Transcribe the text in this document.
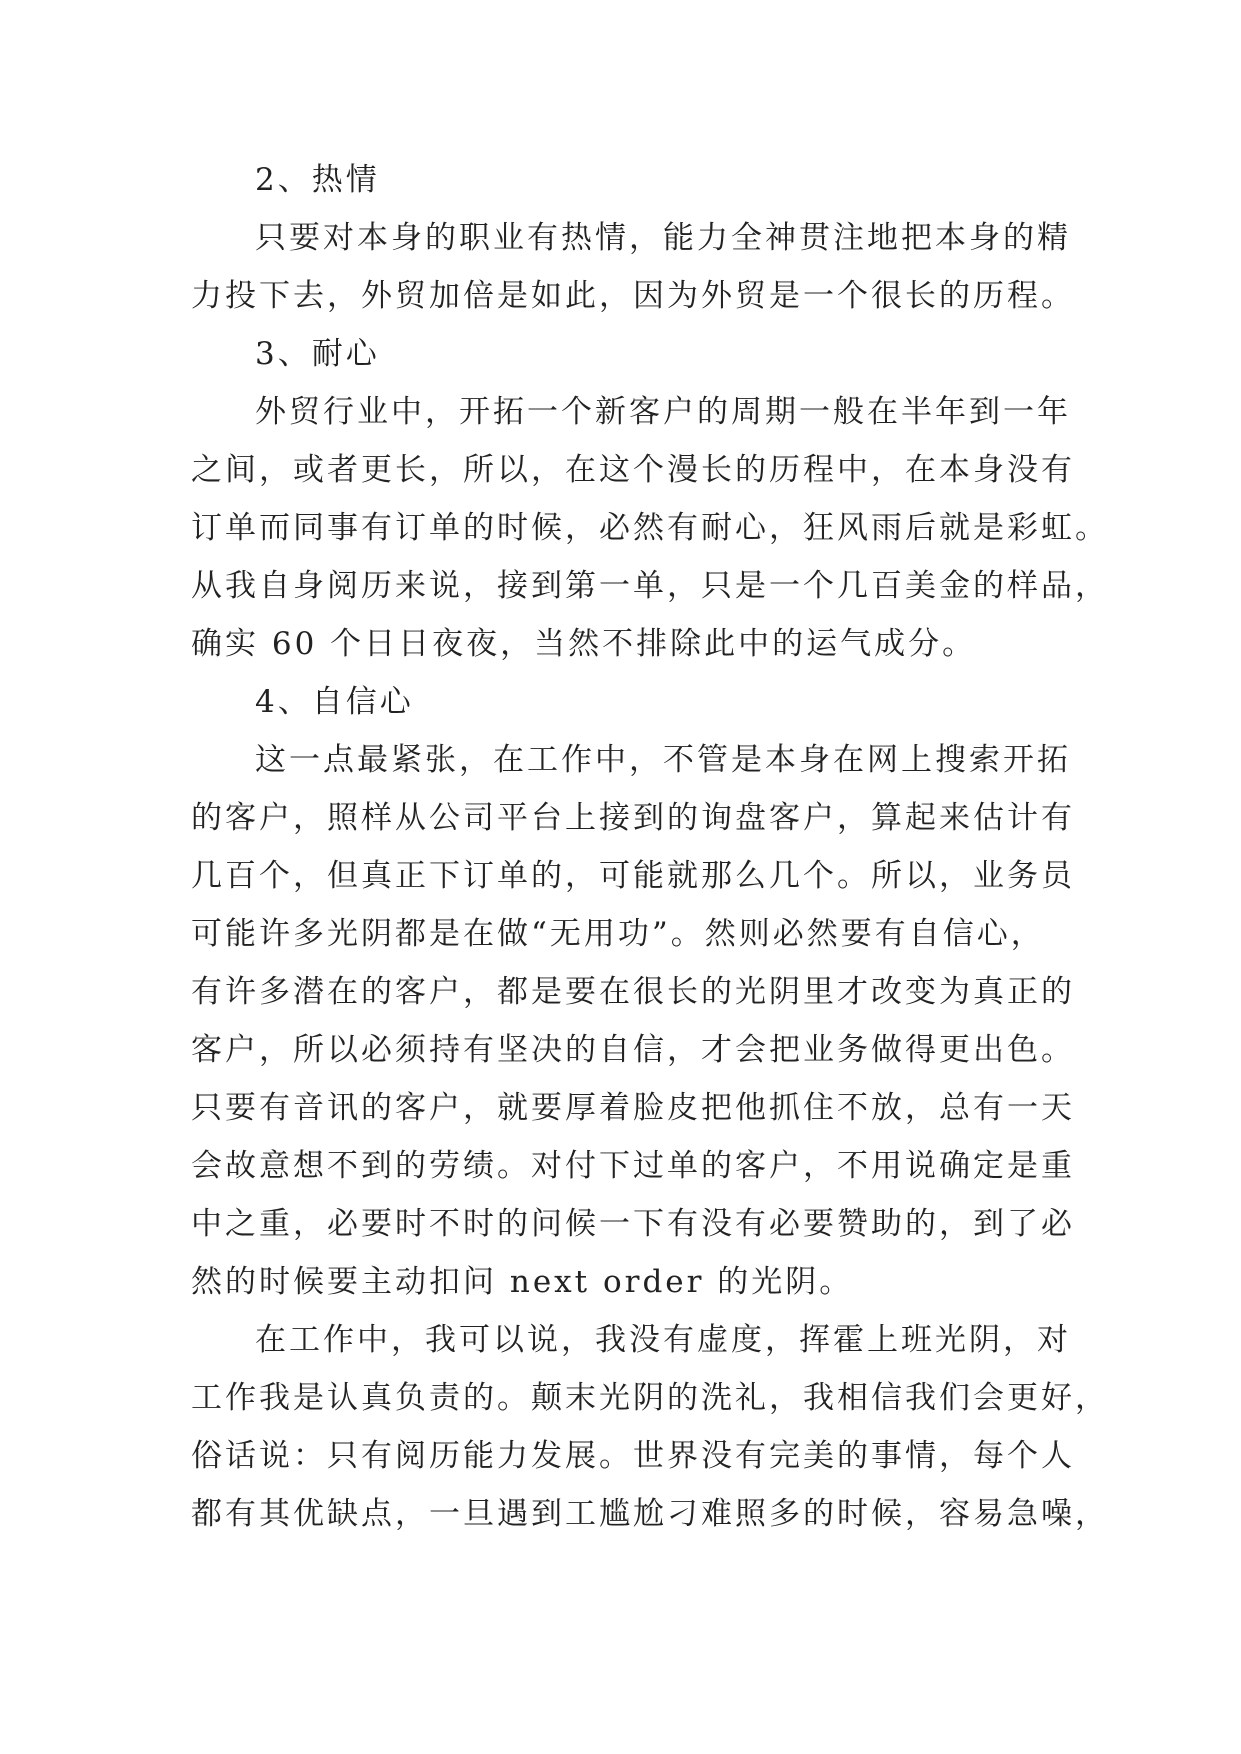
2、热情

只要对本身的职业有热情，能力全神贯注地把本身的精
力投下去，外贸加倍是如此，因为外贸是一个很长的历程。

3、耐心

外贸行业中，开拓一个新客户的周期一般在半年到一年
之间，或者更长，所以，在这个漫长的历程中，在本身没有
订单而同事有订单的时候，必然有耐心，狂风雨后就是彩虹。
从我自身阅历来说，接到第一单，只是一个几百美金的样品，
确实 60 个日日夜夜，当然不排除此中的运气成分。

4、自信心

这一点最紧张，在工作中，不管是本身在网上搜索开拓
的客户，照样从公司平台上接到的询盘客户，算起来估计有
几百个，但真正下订单的，可能就那么几个。所以，业务员
可能许多光阴都是在做“无用功”。然则必然要有自信心，
有许多潜在的客户，都是要在很长的光阴里才改变为真正的
客户，所以必须持有坚决的自信，才会把业务做得更出色。
只要有音讯的客户，就要厚着脸皮把他抓住不放，总有一天
会故意想不到的劳绩。对付下过单的客户，不用说确定是重
中之重，必要时不时的问候一下有没有必要赞助的，到了必
然的时候要主动扣问 next order 的光阴。

在工作中，我可以说，我没有虚度，挥霍上班光阴，对
工作我是认真负责的。颠末光阴的洗礼，我相信我们会更好，
俗话说：只有阅历能力发展。世界没有完美的事情，每个人
都有其优缺点，一旦遇到工尴尬刁难照多的时候，容易急噪，
